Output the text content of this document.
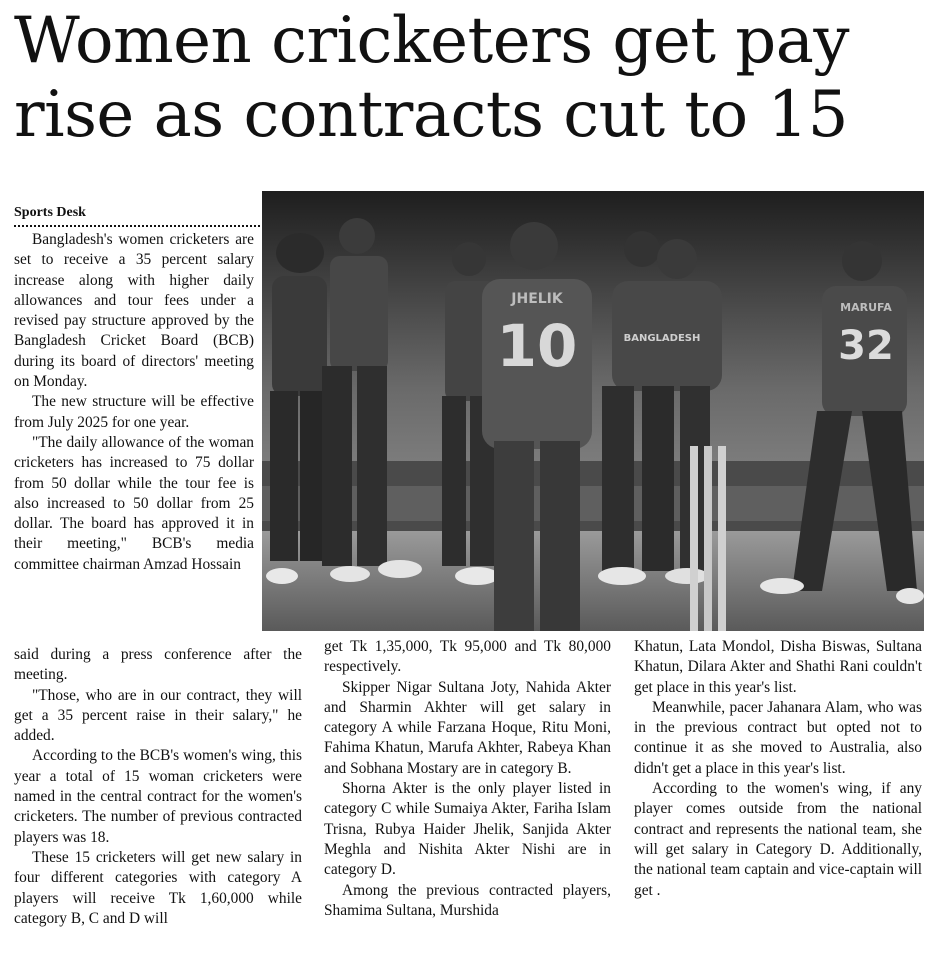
Women cricketers get pay
rise as contracts cut to 15
Sports Desk

Bangladesh's women cricketers are set to receive a 35 percent salary increase along with higher daily allowances and tour fees under a revised pay structure approved by the Bangladesh Cricket Board (BCB) during its board of directors' meeting on Monday.

The new structure will be effective from July 2025 for one year.

"The daily allowance of the woman cricketers has increased to 75 dollar from 50 dollar while the tour fee is also increased to 50 dollar from 25 dollar. The board has approved it in their meeting," BCB's media committee chairman Amzad Hossain

10
JHELIK
BANGLADESH	32
MARUFA

said during a press conference after the meeting.

"Those, who are in our contract, they will get a 35 percent raise in their salary," he added.

According to the BCB's women's wing, this year a total of 15 woman cricketers were named in the central contract for the women's cricketers. The number of previous contracted players was 18.

These 15 cricketers will get new salary in four different categories with category A players will receive Tk 1,60,000 while category B, C and D will

get Tk 1,35,000, Tk 95,000 and Tk 80,000 respectively.

Skipper Nigar Sultana Joty, Nahida Akter and Sharmin Akhter will get salary in category A while Farzana Hoque, Ritu Moni, Fahima Khatun, Marufa Akhter, Rabeya Khan and Sobhana Mostary are in category B.

Shorna Akter is the only player listed in category C while Sumaiya Akter, Fariha Islam Trisna, Rubya Haider Jhelik, Sanjida Akter Meghla and Nishita Akter Nishi are in category D.

Among the previous contracted players, Shamima Sultana, Murshida

Khatun, Lata Mondol, Disha Biswas, Sultana Khatun, Dilara Akter and Shathi Rani couldn't get place in this year's list.

Meanwhile, pacer Jahanara Alam, who was in the previous contract but opted not to continue it as she moved to Australia, also didn't get a place in this year's list.

According to the women's wing, if any player comes outside from the national contract and represents the national team, she will get salary in Category D. Additionally, the national team captain and vice-captain will get .
